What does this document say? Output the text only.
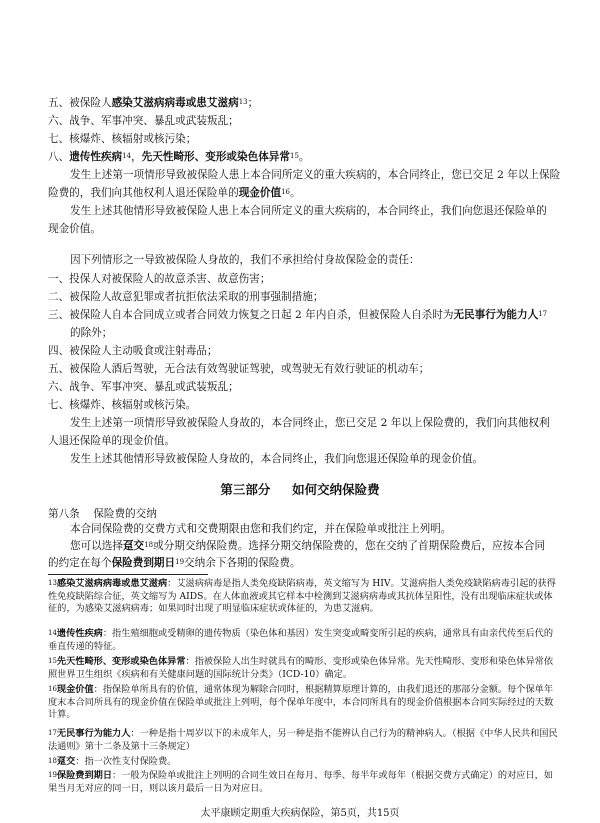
五、被保险人感染艾滋病病毒或患艾滋病$^{13}$；
六、战争、军事冲突、暴乱或武装叛乱；
七、核爆炸、核辐射或核污染；
八、遗传性疾病$^{14}$，先天性畸形、变形或染色体异常$^{15}$。
发生上述第一项情形导致被保险人患上本合同所定义的重大疾病的，本合同终止，您已交足 2 年以上保险
险费的，我们向其他权利人退还保险单的现金价值$^{16}$。
发生上述其他情形导致被保险人患上本合同所定义的重大疾病的，本合同终止，我们向您退还保险单的
现金价值。
因下列情形之一导致被保险人身故的，我们不承担给付身故保险金的责任：
一、投保人对被保险人的故意杀害、故意伤害；
二、被保险人故意犯罪或者抗拒依法采取的刑事强制措施；
三、被保险人自本合同成立或者合同效力恢复之日起 2 年内自杀，但被保险人自杀时为无民事行为能力人$^{17}$
的除外；
四、被保险人主动吸食或注射毒品；
五、被保险人酒后驾驶，无合法有效驾驶证驾驶，或驾驶无有效行驶证的机动车；
六、战争、军事冲突、暴乱或武装叛乱；
七、核爆炸、核辐射或核污染。
发生上述第一项情形导致被保险人身故的，本合同终止，您已交足 2 年以上保险费的，我们向其他权利
人退还保险单的现金价值。
发生上述其他情形导致被保险人身故的，本合同终止，我们向您退还保险单的现金价值。
第三部分     如何交纳保险费
第八条    保险费的交纳
本合同保险费的交费方式和交费期限由您和我们约定，并在保险单或批注上列明。
您可以选择趸交$^{18}$或分期交纳保险费。选择分期交纳保险费的，您在交纳了首期保险费后，应按本合同
的约定在每个保险费到期日$^{19}$交纳余下各期的保险费。
$^{13}$感染艾滋病病毒或患艾滋病：艾滋病病毒是指人类免疫缺陷病毒，英文缩写为 HIV。艾滋病指人类免疫缺陷病毒引起的获得性免疫缺陷综合征，英文缩写为 AIDS。在人体血液或其它样本中检测到艾滋病病毒或其抗体呈阳性，没有出现临床症状或体征的，为感染艾滋病病毒；如果同时出现了明显临床症状或体征的，为患艾滋病。
$^{14}$遗传性疾病：指生殖细胞或受精卵的遗传物质（染色体和基因）发生突变或畸变所引起的疾病，通常具有由亲代传至后代的垂直传递的特征。
$^{15}$先天性畸形、变形或染色体异常：指被保险人出生时就具有的畸形、变形或染色体异常。先天性畸形、变形和染色体异常依照世界卫生组织《疾病和有关健康问题的国际统计分类》（ICD-10）确定。
$^{16}$现金价值：指保险单所具有的价值，通常体现为解除合同时，根据精算原理计算的，由我们退还的那部分金额。每个保单年度末本合同所具有的现金价值在保险单或批注上列明，每个保单年度中，本合同所具有的现金价值根据本合同实际经过的天数计算。
$^{17}$无民事行为能力人：一种是指十周岁以下的未成年人，另一种是指不能辨认自己行为的精神病人。（根据《中华人民共和国民法通则》第十二条及第十三条规定）
$^{18}$趸交：指一次性支付保险费。
$^{19}$保险费到期日：一般为保险单或批注上列明的合同生效日在每月、每季、每半年或每年（根据交费方式确定）的对应日，如果当月无对应的同一日，则以该月最后一日为对应日。
太平康顾定期重大疾病保险，第5页，共15页
